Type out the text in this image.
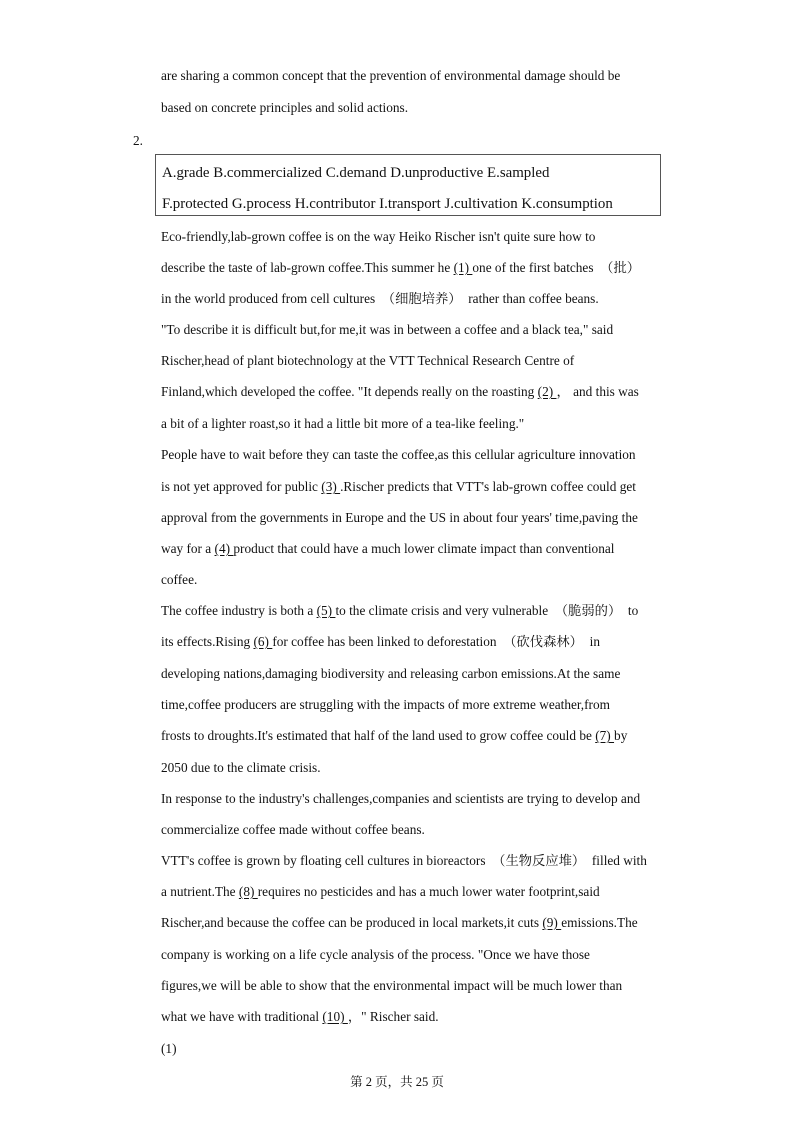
are sharing a common concept that the prevention of environmental damage should be
based on concrete principles and solid actions.
2.
A.grade B.commercialized C.demand D.unproductive E.sampled
F.protected G.process H.contributor I.transport J.cultivation K.consumption
Eco-friendly,lab-grown coffee is on the way Heiko Rischer isn't quite sure how to
describe the taste of lab-grown coffee.This summer he (1) one of the first batches  （批）
in the world produced from cell cultures  （细胞培养）  rather than coffee beans.
"To describe it is difficult but,for me,it was in between a coffee and a black tea," said
Rischer,head of plant biotechnology at the VTT Technical Research Centre of
Finland,which developed the coffee. "It depends really on the roasting (2) ， and this was
a bit of a lighter roast,so it had a little bit more of a tea-like feeling."
People have to wait before they can taste the coffee,as this cellular agriculture innovation
is not yet approved for public (3) .Rischer predicts that VTT's lab-grown coffee could get
approval from the governments in Europe and the US in about four years' time,paving the
way for a (4) product that could have a much lower climate impact than conventional
coffee.
The coffee industry is both a (5) to the climate crisis and very vulnerable  （脆弱的）  to
its effects.Rising (6) for coffee has been linked to deforestation  （砍伐森林）  in
developing nations,damaging biodiversity and releasing carbon emissions.At the same
time,coffee producers are struggling with the impacts of more extreme weather,from
frosts to droughts.It's estimated that half of the land used to grow coffee could be (7) by
2050 due to the climate crisis.
In response to the industry's challenges,companies and scientists are trying to develop and
commercialize coffee made without coffee beans.
VTT's coffee is grown by floating cell cultures in bioreactors  （生物反应堆）  filled with
a nutrient.The (8) requires no pesticides and has a much lower water footprint,said
Rischer,and because the coffee can be produced in local markets,it cuts (9) emissions.The
company is working on a life cycle analysis of the process. "Once we have those
figures,we will be able to show that the environmental impact will be much lower than
what we have with traditional (10) ，" Rischer said.
(1)
第 2 页，共 25 页
